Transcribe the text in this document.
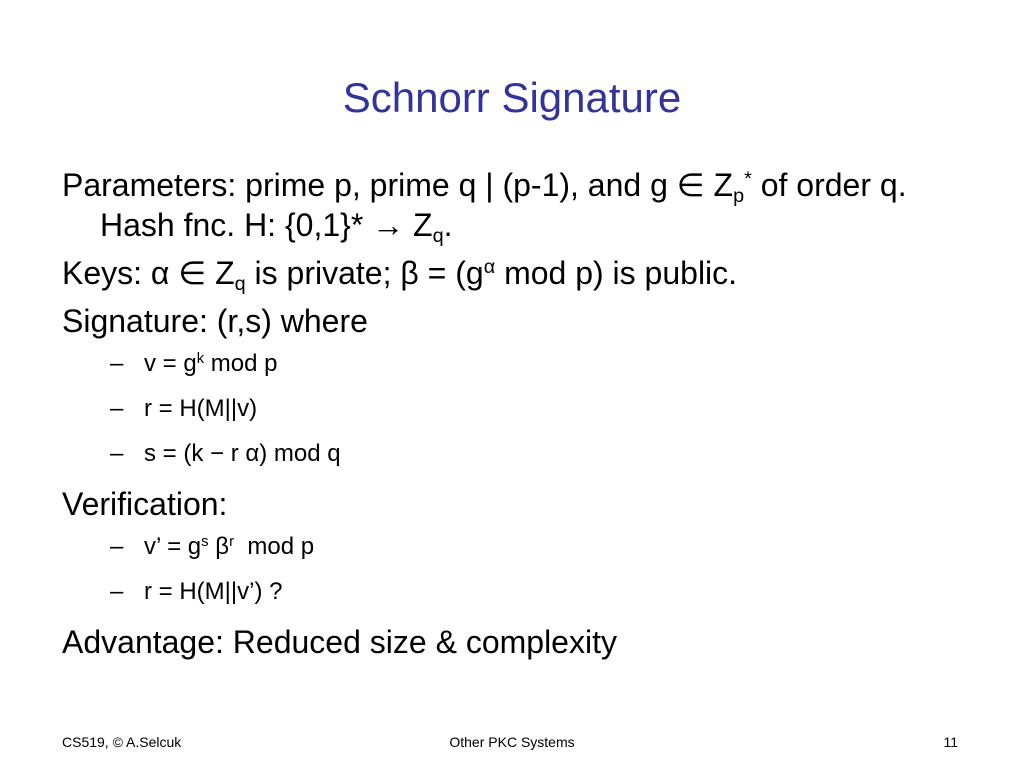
Schnorr Signature
Parameters: prime p, prime q | (p-1), and g ∈ $Z_p^*$ of order q. Hash fnc. H: $\{0,1\}* \to Z_q$.
Keys: α ∈ $Z_q$ is private; $\beta = (g^\alpha$ mod p) is public.
Signature: (r,s) where
– $v = g^k$ mod p
– r = H(M||v)
– s = (k − r α) mod q
Verification:
– v’ = $g^s$ $\beta^r$  mod p
– r = H(M||v’) ?
Advantage: Reduced size & complexity
CS519, © A.Selcuk	Other PKC Systems	11
